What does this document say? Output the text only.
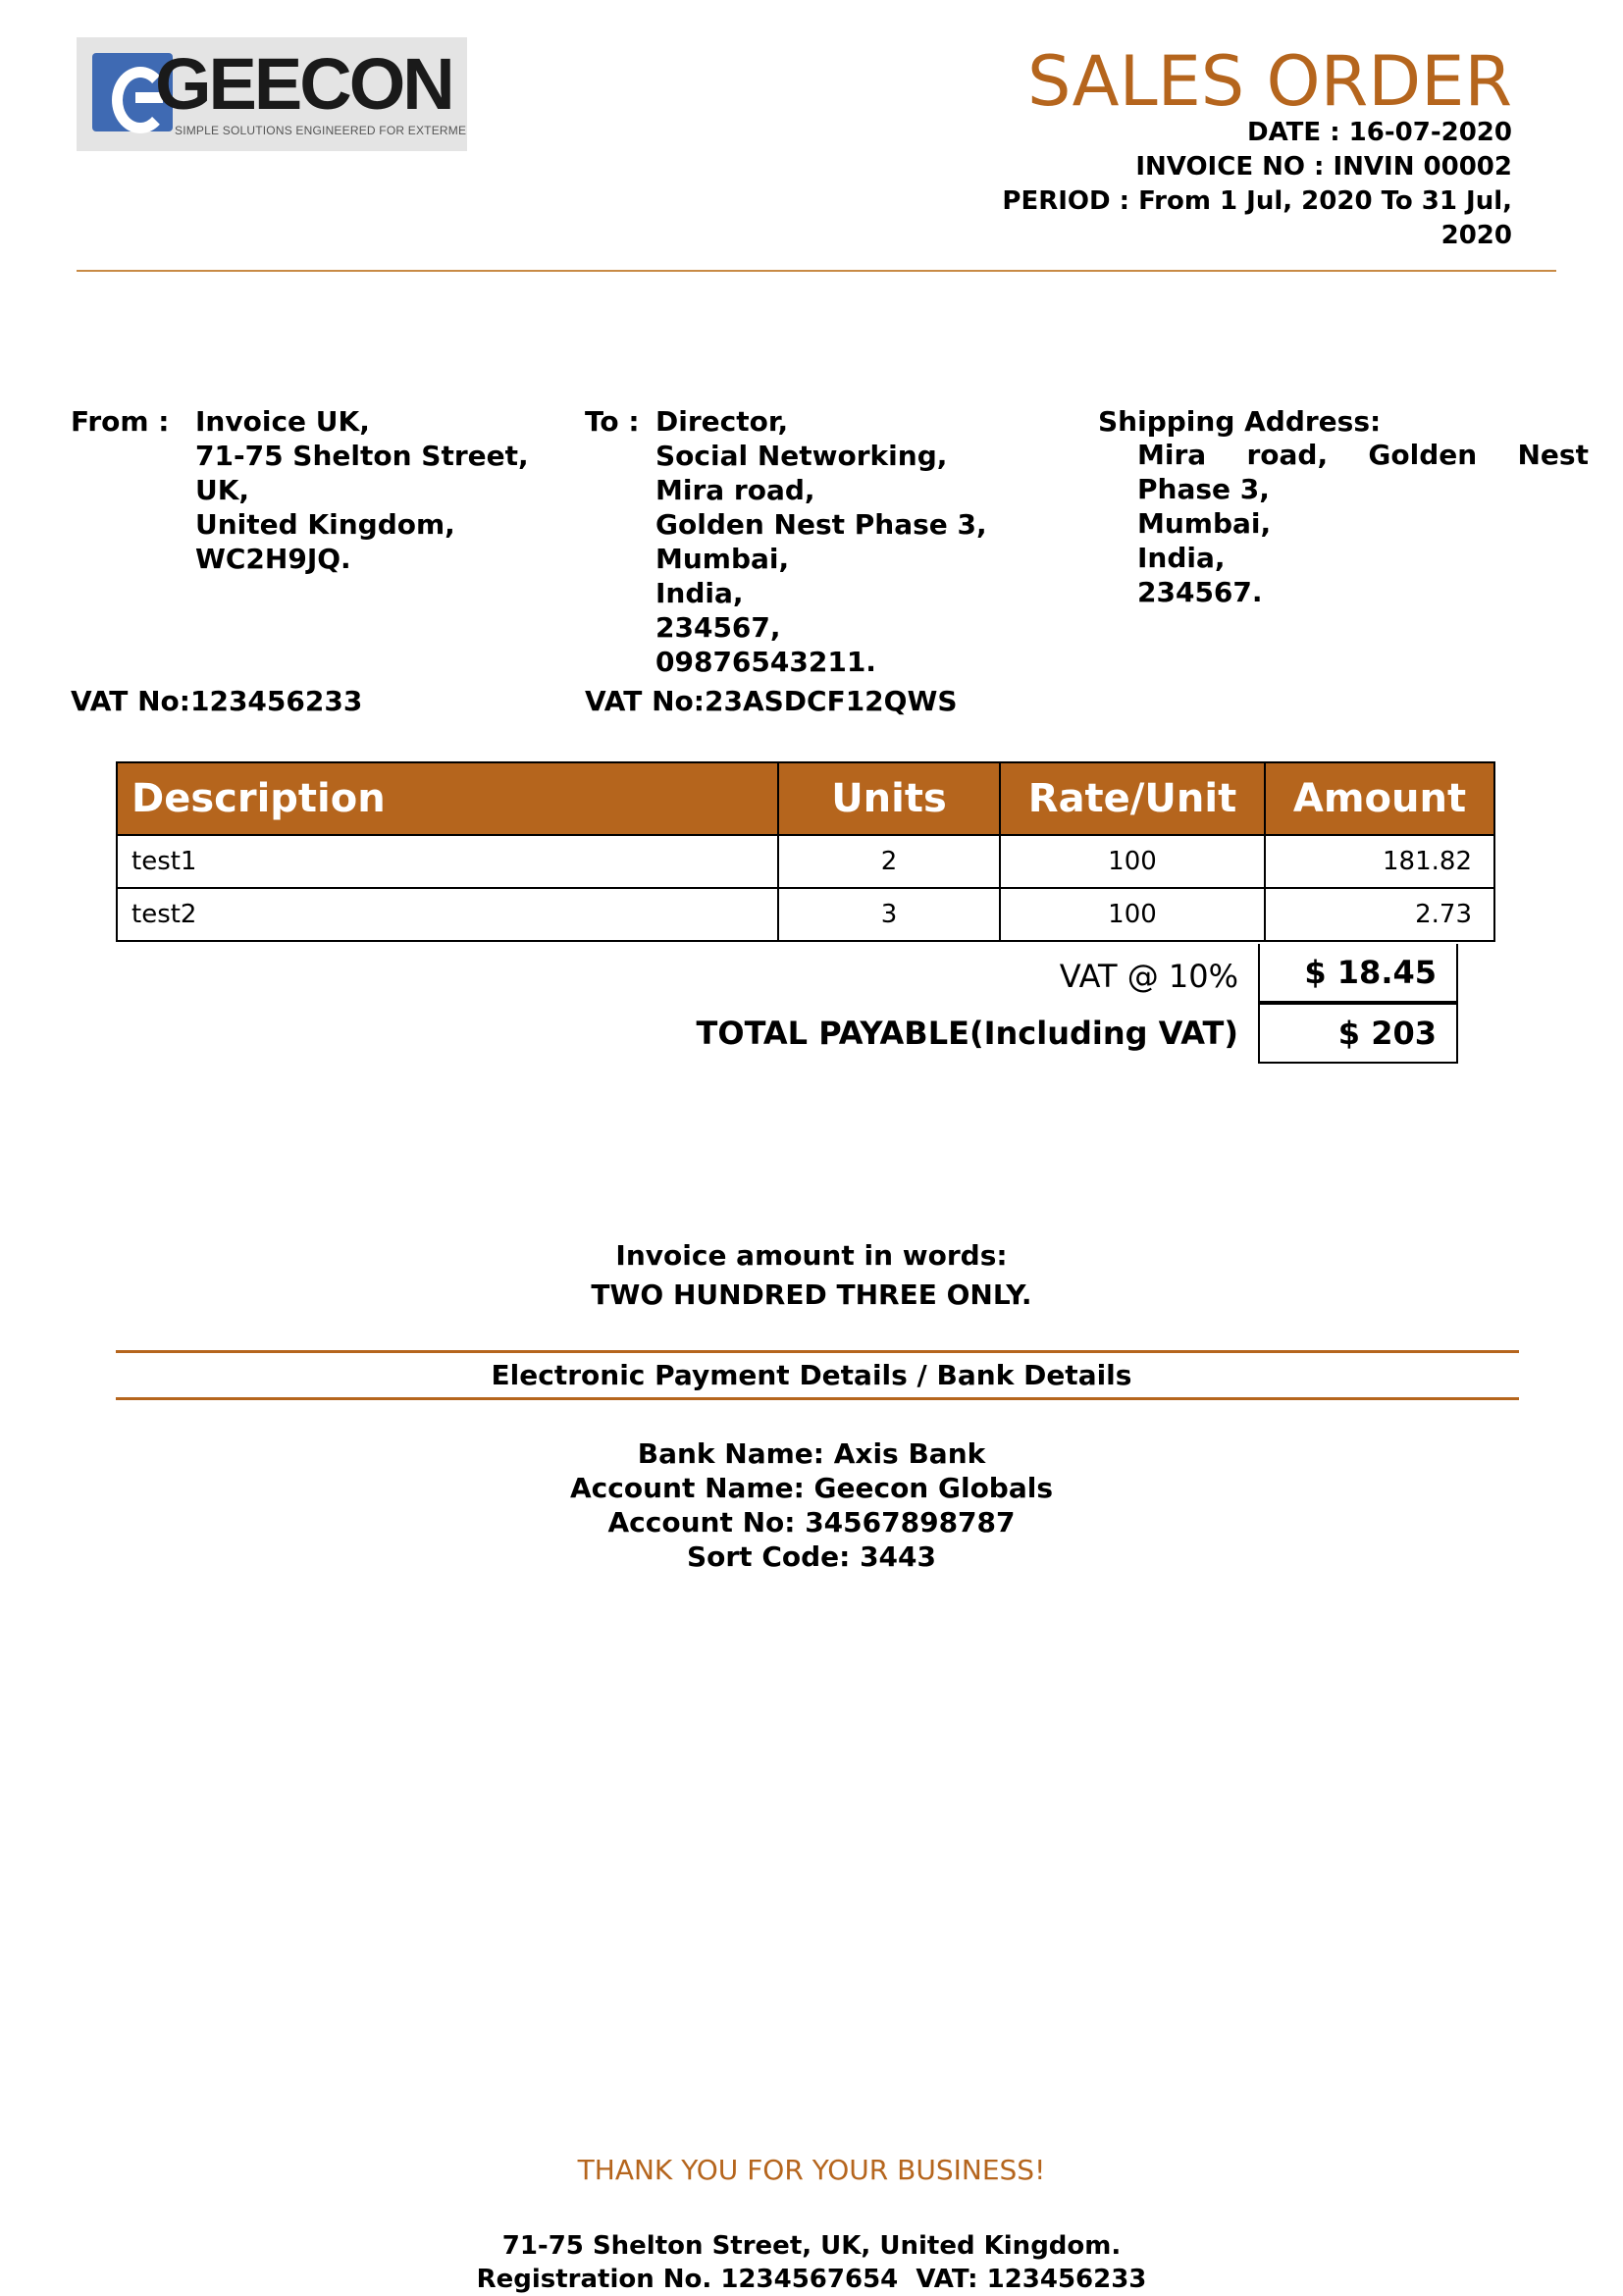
GEECON
SIMPLE SOLUTIONS ENGINEERED FOR EXTERME
SALES ORDER
DATE : 16-07-2020
INVOICE NO : INVIN 00002
PERIOD : From 1 Jul, 2020 To 31 Jul,
2020
From : Invoice UK,
71-75 Shelton Street,
UK,
United Kingdom,
WC2H9JQ.
VAT No:123456233
To : Director,
Social Networking,
Mira road,
Golden Nest Phase 3,
Mumbai,
India,
234567,
09876543211.
VAT No:23ASDCF12QWS
Shipping Address:
Mira road, Golden Nest
Phase 3,
Mumbai,
India,
234567.
Description	Units	Rate/Unit	Amount
test1	2	100	181.82
test2	3	100	2.73
VAT @ 10%	$ 18.45
TOTAL PAYABLE(Including VAT)	$ 203
Invoice amount in words:
TWO HUNDRED THREE ONLY.
Electronic Payment Details / Bank Details
Bank Name: Axis Bank
Account Name: Geecon Globals
Account No: 34567898787
Sort Code: 3443
THANK YOU FOR YOUR BUSINESS!
71-75 Shelton Street, UK, United Kingdom.
Registration No. 1234567654  VAT: 123456233
